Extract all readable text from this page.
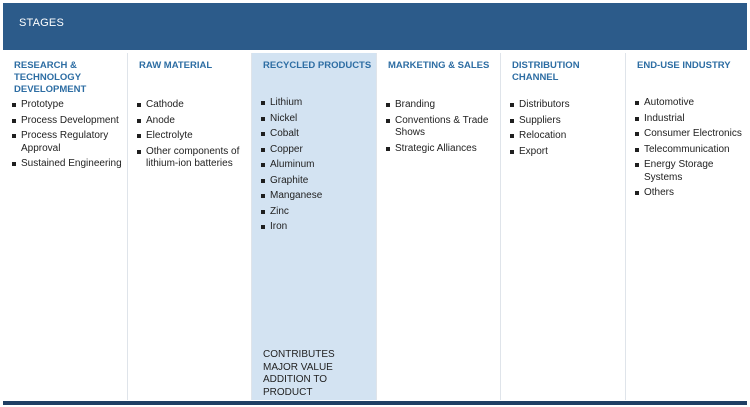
STAGES
RESEARCH & TECHNOLOGY DEVELOPMENT
Prototype
Process Development
Process Regulatory Approval
Sustained Engineering
RAW MATERIAL
Cathode
Anode
Electrolyte
Other components of lithium-ion batteries
RECYCLED PRODUCTS
Lithium
Nickel
Cobalt
Copper
Aluminum
Graphite
Manganese
Zinc
Iron
CONTRIBUTES MAJOR VALUE ADDITION TO PRODUCT
MARKETING & SALES
Branding
Conventions & Trade Shows
Strategic Alliances
DISTRIBUTION CHANNEL
Distributors
Suppliers
Relocation
Export
END-USE INDUSTRY
Automotive
Industrial
Consumer Electronics
Telecommunication
Energy Storage Systems
Others
